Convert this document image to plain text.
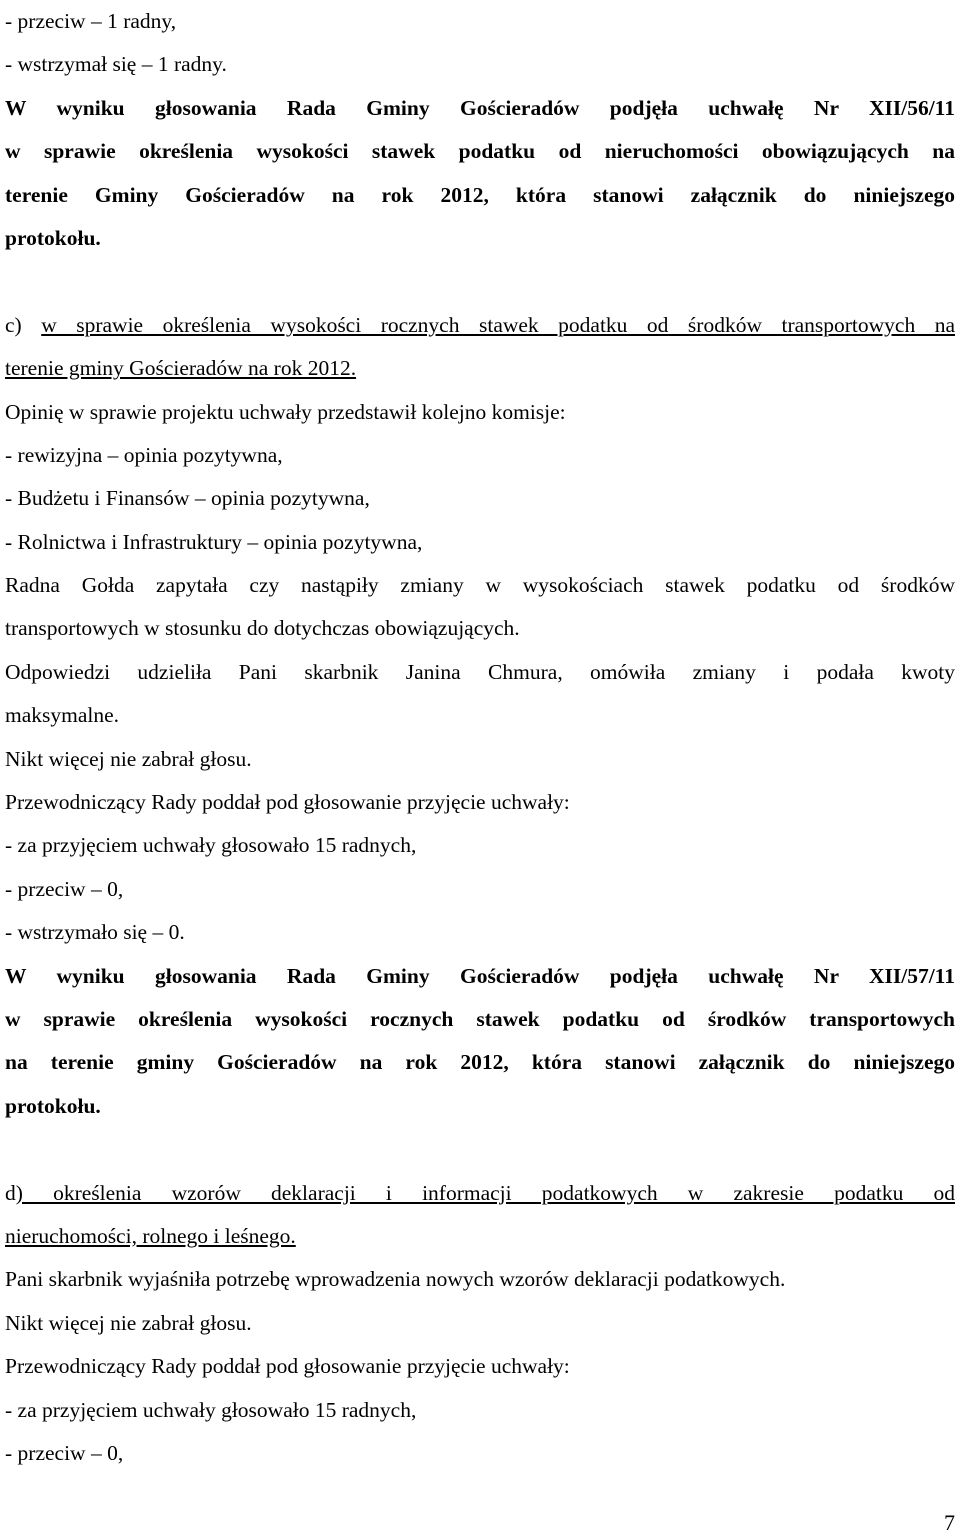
- przeciw – 1 radny,
- wstrzymał się – 1 radny.
W wyniku głosowania Rada Gminy Gościeradów podjęła uchwałę Nr XII/56/11
w sprawie określenia wysokości stawek podatku od nieruchomości obowiązujących na
terenie Gminy Gościeradów na rok 2012, która stanowi załącznik do niniejszego
protokołu.
c) w sprawie określenia wysokości rocznych stawek podatku od środków transportowych na
terenie gminy Gościeradów na rok 2012.
Opinię w sprawie projektu uchwały przedstawił kolejno komisje:
- rewizyjna – opinia pozytywna,
- Budżetu i Finansów – opinia pozytywna,
- Rolnictwa i Infrastruktury – opinia pozytywna,
Radna Gołda zapytała czy nastąpiły zmiany w wysokościach stawek podatku od środków
transportowych w stosunku do dotychczas obowiązujących.
Odpowiedzi udzieliła Pani skarbnik Janina Chmura, omówiła zmiany i podała kwoty
maksymalne.
Nikt więcej nie zabrał głosu.
Przewodniczący Rady poddał pod głosowanie przyjęcie uchwały:
- za przyjęciem uchwały głosowało 15 radnych,
- przeciw – 0,
- wstrzymało się – 0.
W wyniku głosowania Rada Gminy Gościeradów podjęła uchwałę Nr XII/57/11
w sprawie określenia wysokości rocznych stawek podatku od środków transportowych
na terenie gminy Gościeradów na rok 2012, która stanowi załącznik do niniejszego
protokołu.
d) określenia wzorów deklaracji i informacji podatkowych w zakresie podatku od
nieruchomości, rolnego i leśnego.
Pani skarbnik wyjaśniła potrzebę wprowadzenia nowych wzorów deklaracji podatkowych.
Nikt więcej nie zabrał głosu.
Przewodniczący Rady poddał pod głosowanie przyjęcie uchwały:
- za przyjęciem uchwały głosowało 15 radnych,
- przeciw – 0,
7
